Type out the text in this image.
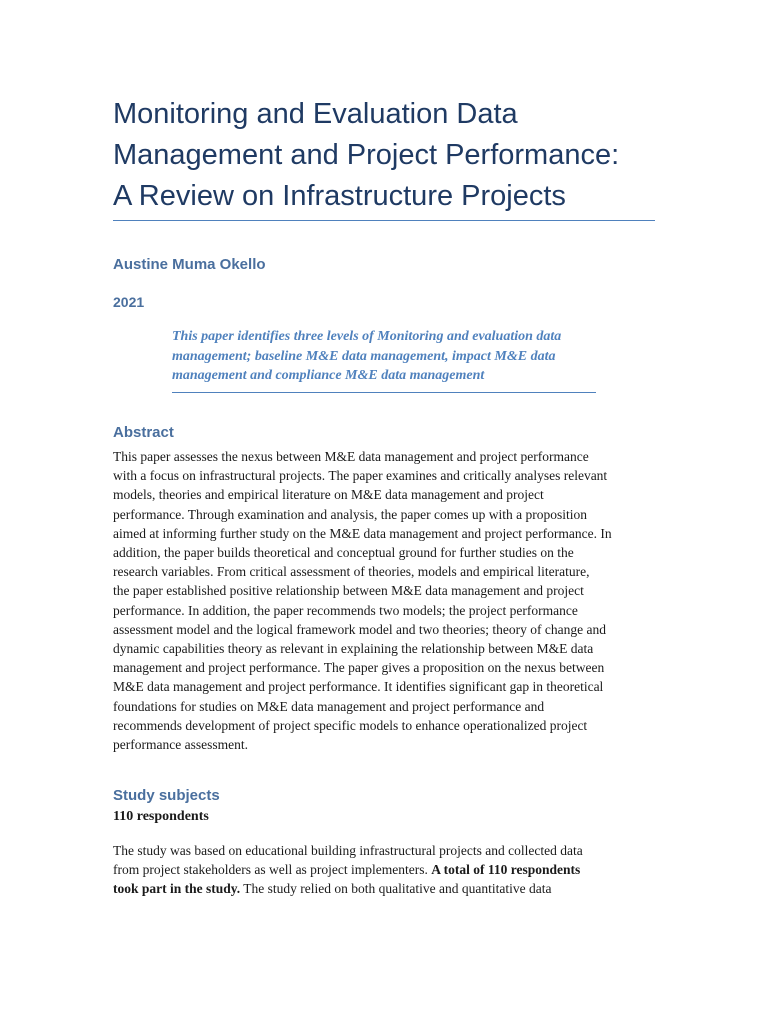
Monitoring and Evaluation Data
Management and Project Performance:
A Review on Infrastructure Projects
Austine Muma Okello
2021
This paper identifies three levels of Monitoring and evaluation data
management; baseline M&E data management, impact M&E data
management and compliance M&E data management
Abstract
This paper assesses the nexus between M&E data management and project performance
with a focus on infrastructural projects. The paper examines and critically analyses relevant
models, theories and empirical literature on M&E data management and project
performance. Through examination and analysis, the paper comes up with a proposition
aimed at informing further study on the M&E data management and project performance. In
addition, the paper builds theoretical and conceptual ground for further studies on the
research variables. From critical assessment of theories, models and empirical literature,
the paper established positive relationship between M&E data management and project
performance. In addition, the paper recommends two models; the project performance
assessment model and the logical framework model and two theories; theory of change and
dynamic capabilities theory as relevant in explaining the relationship between M&E data
management and project performance. The paper gives a proposition on the nexus between
M&E data management and project performance. It identifies significant gap in theoretical
foundations for studies on M&E data management and project performance and
recommends development of project specific models to enhance operationalized project
performance assessment.
Study subjects
110 respondents
The study was based on educational building infrastructural projects and collected data
from project stakeholders as well as project implementers. A total of 110 respondents
took part in the study. The study relied on both qualitative and quantitative data
